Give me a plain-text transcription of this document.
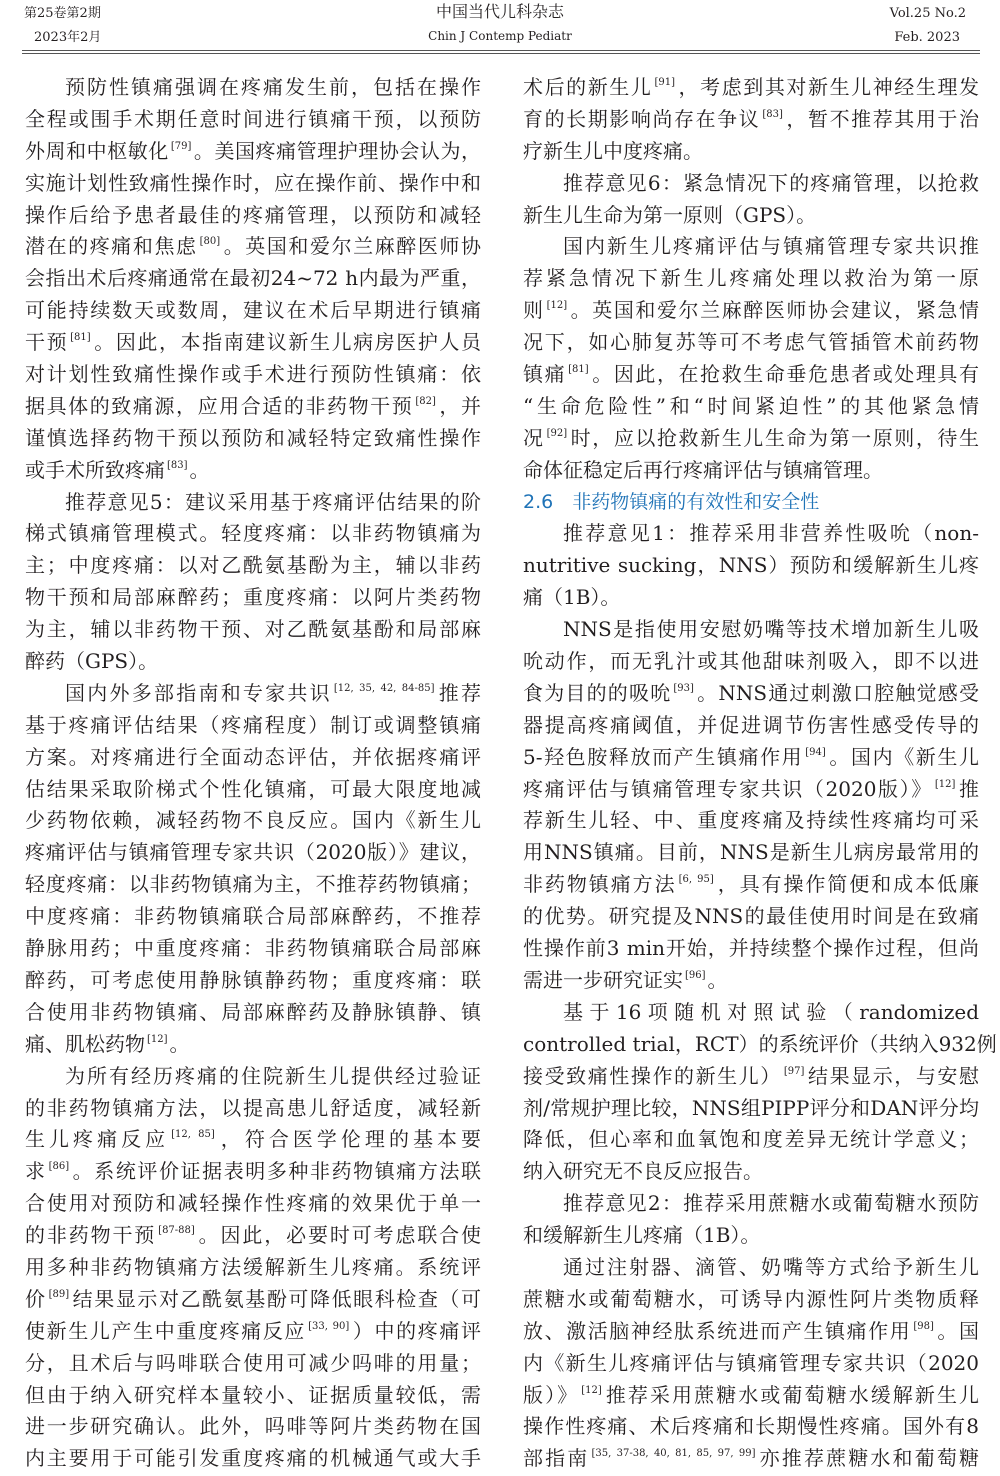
第25卷第2期
2023年2月
中国当代儿科杂志
Chin J Contemp Pediatr
Vol.25 No.2
Feb. 2023
预防性镇痛强调在疼痛发生前，包括在操作
全程或围手术期任意时间进行镇痛干预，以预防
外周和中枢敏化 [79] 。美国疼痛管理护理协会认为，
实施计划性致痛性操作时，应在操作前、操作中和
操作后给予患者最佳的疼痛管理，以预防和减轻
潜在的疼痛和焦虑 [80] 。英国和爱尔兰麻醉医师协
会指出术后疼痛通常在最初24~72 h内最为严重，
可能持续数天或数周，建议在术后早期进行镇痛
干预 [81] 。因此，本指南建议新生儿病房医护人员
对计划性致痛性操作或手术进行预防性镇痛：依
据具体的致痛源，应用合适的非药物干预 [82] ，并
谨慎选择药物干预以预防和减轻特定致痛性操作
或手术所致疼痛 [83] 。
推荐意见5：建议采用基于疼痛评估结果的阶
梯式镇痛管理模式。轻度疼痛：以非药物镇痛为
主；中度疼痛：以对乙酰氨基酚为主，辅以非药
物干预和局部麻醉药；重度疼痛：以阿片类药物
为主，辅以非药物干预、对乙酰氨基酚和局部麻
醉药（GPS）。
国内外多部指南和专家共识 [12, 35, 42, 84-85] 推荐
基于疼痛评估结果（疼痛程度）制订或调整镇痛
方案。对疼痛进行全面动态评估，并依据疼痛评
估结果采取阶梯式个性化镇痛，可最大限度地减
少药物依赖，减轻药物不良反应。国内《新生儿
疼痛评估与镇痛管理专家共识（2020版）》建议，
轻度疼痛：以非药物镇痛为主，不推荐药物镇痛；
中度疼痛：非药物镇痛联合局部麻醉药，不推荐
静脉用药；中重度疼痛：非药物镇痛联合局部麻
醉药，可考虑使用静脉镇静药物；重度疼痛：联
合使用非药物镇痛、局部麻醉药及静脉镇静、镇
痛、肌松药物 [12] 。
为所有经历疼痛的住院新生儿提供经过验证
的非药物镇痛方法，以提高患儿舒适度，减轻新
生儿疼痛反应 [12, 85] ，符合医学伦理的基本要
求 [86] 。系统评价证据表明多种非药物镇痛方法联
合使用对预防和减轻操作性疼痛的效果优于单一
的非药物干预 [87-88] 。因此，必要时可考虑联合使
用多种非药物镇痛方法缓解新生儿疼痛。系统评
价 [89] 结果显示对乙酰氨基酚可降低眼科检查（可
使新生儿产生中重度疼痛反应 [33, 90] ）中的疼痛评
分，且术后与吗啡联合使用可减少吗啡的用量；
但由于纳入研究样本量较小、证据质量较低，需
进一步研究确认。此外，吗啡等阿片类药物在国
内主要用于可能引发重度疼痛的机械通气或大手
术后的新生儿 [91] ，考虑到其对新生儿神经生理发
育的长期影响尚存在争议 [83] ，暂不推荐其用于治
疗新生儿中度疼痛。
推荐意见6：紧急情况下的疼痛管理，以抢救
新生儿生命为第一原则（GPS）。
国内新生儿疼痛评估与镇痛管理专家共识推
荐紧急情况下新生儿疼痛处理以救治为第一原
则 [12] 。英国和爱尔兰麻醉医师协会建议，紧急情
况下，如心肺复苏等可不考虑气管插管术前药物
镇痛 [81] 。因此，在抢救生命垂危患者或处理具有
“生命危险性”和“时间紧迫性”的其他紧急情
况 [92] 时，应以抢救新生儿生命为第一原则，待生
命体征稳定后再行疼痛评估与镇痛管理。
2.6　非药物镇痛的有效性和安全性
推荐意见1：推荐采用非营养性吸吮（non-
nutritive sucking，NNS）预防和缓解新生儿疼
痛（1B）。
NNS是指使用安慰奶嘴等技术增加新生儿吸
吮动作，而无乳汁或其他甜味剂吸入，即不以进
食为目的的吸吮 [93] 。NNS通过刺激口腔触觉感受
器提高疼痛阈值，并促进调节伤害性感受传导的
5-羟色胺释放而产生镇痛作用 [94] 。国内《新生儿
疼痛评估与镇痛管理专家共识（2020版）》 [12] 推
荐新生儿轻、中、重度疼痛及持续性疼痛均可采
用NNS镇痛。目前，NNS是新生儿病房最常用的
非药物镇痛方法 [6, 95] ，具有操作简便和成本低廉
的优势。研究提及NNS的最佳使用时间是在致痛
性操作前3 min开始，并持续整个操作过程，但尚
需进一步研究证实 [96] 。
基于16项随机对照试验（randomized
controlled trial，RCT）的系统评价（共纳入932例
接受致痛性操作的新生儿） [97] 结果显示，与安慰
剂/常规护理比较，NNS组PIPP评分和DAN评分均
降低，但心率和血氧饱和度差异无统计学意义；
纳入研究无不良反应报告。
推荐意见2：推荐采用蔗糖水或葡萄糖水预防
和缓解新生儿疼痛（1B）。
通过注射器、滴管、奶嘴等方式给予新生儿
蔗糖水或葡萄糖水，可诱导内源性阿片类物质释
放、激活脑神经肽系统进而产生镇痛作用 [98] 。国
内《新生儿疼痛评估与镇痛管理专家共识（2020
版）》 [12] 推荐采用蔗糖水或葡萄糖水缓解新生儿
操作性疼痛、术后疼痛和长期慢性疼痛。国外有8
部指南 [35, 37-38, 40, 81, 85, 97, 99] 亦推荐蔗糖水和葡萄糖
